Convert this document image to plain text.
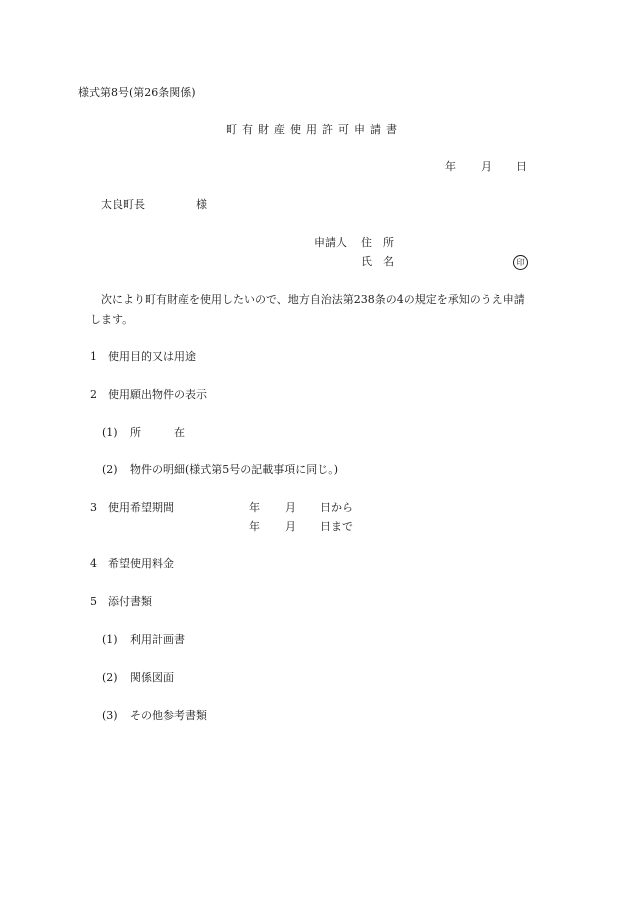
様式第8号(第26条関係)
町有財産使用許可申請書
年 月 日
太良町長	様
申請人 住　所
氏　名	印
次により町有財産を使用したいので、地方自治法第238条の4の規定を承知のうえ申請
します。
1 使用目的又は用途
2 使用願出物件の表示
(1) 所　　　在
(2) 物件の明細(様式第5号の記載事項に同じ。)
3 使用希望期間	年 月 日から
年 月 日まで
4 希望使用料金
5 添付書類
(1) 利用計画書
(2) 関係図面
(3) その他参考書類
